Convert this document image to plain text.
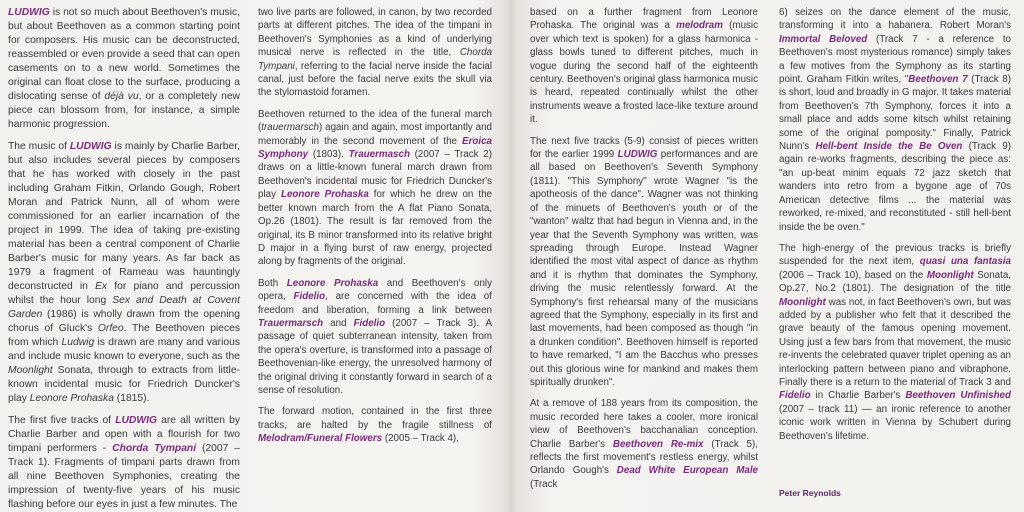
LUDWIG is not so much about Beethoven's music, but about Beethoven as a common starting point for composers. His music can be deconstructed, reassembled or even provide a seed that can open casements on to a new world. Sometimes the original can float close to the surface, producing a dislocating sense of déjà vu, or a completely new piece can blossom from, for instance, a simple harmonic progression.

The music of LUDWIG is mainly by Charlie Barber, but also includes several pieces by composers that he has worked with closely in the past including Graham Fitkin, Orlando Gough, Robert Moran and Patrick Nunn, all of whom were commissioned for an earlier incarnation of the project in 1999. The idea of taking pre-existing material has been a central component of Charlie Barber's music for many years. As far back as 1979 a fragment of Rameau was hauntingly deconstructed in Ex for piano and percussion whilst the hour long Sex and Death at Covent Garden (1986) is wholly drawn from the opening chorus of Gluck's Orfeo. The Beethoven pieces from which Ludwig is drawn are many and various and include music known to everyone, such as the Moonlight Sonata, through to extracts from little-known incidental music for Friedrich Duncker's play Leonore Prohaska (1815).

The first five tracks of LUDWIG are all written by Charlie Barber and open with a flourish for two timpani performers - Chorda Tympani (2007 – Track 1). Fragments of timpani parts drawn from all nine Beethoven Symphonies, creating the impression of twenty-five years of his music flashing before our eyes in just a few minutes. The

two live parts are followed, in canon, by two recorded parts at different pitches. The idea of the timpani in Beethoven's Symphonies as a kind of underlying musical nerve is reflected in the title, Chorda Tympani, referring to the facial nerve inside the facial canal, just before the facial nerve exits the skull via the stylomastoid foramen.

Beethoven returned to the idea of the funeral march (trauermarsch) again and again, most importantly and memorably in the second movement of the Eroica Symphony (1803). Trauermasch (2007 – Track 2) draws on a little-known funeral march drawn from Beethoven's incidental music for Friedrich Duncker's play Leonore Prohaska for which he drew on the better known march from the A flat Piano Sonata, Op.26 (1801). The result is far removed from the original, its B minor transformed into its relative bright D major in a flying burst of raw energy, projected along by fragments of the original.

Both Leonore Prohaska and Beethoven's only opera, Fidelio, are concerned with the idea of freedom and liberation, forming a link between Trauermarsch and Fidelio (2007 – Track 3). A passage of quiet subterranean intensity, taken from the opera's overture, is transformed into a passage of Beethovenian-like energy, the unresolved harmony of the original driving it constantly forward in search of a sense of resolution.

The forward motion, contained in the first three tracks, are halted by the fragile stillness of Melodram/Funeral Flowers (2005 – Track 4),

based on a further fragment from Leonore Prohaska. The original was a melodram (music over which text is spoken) for a glass harmonica - glass bowls tuned to different pitches, much in vogue during the second half of the eighteenth century. Beethoven's original glass harmonica music is heard, repeated continually whilst the other instruments weave a frosted lace-like texture around it.

The next five tracks (5-9) consist of pieces written for the earlier 1999 LUDWIG performances and are all based on Beethoven's Seventh Symphony (1811). "This Symphony" wrote Wagner "is the apotheosis of the dance". Wagner was not thinking of the minuets of Beethoven's youth or of the "wanton" waltz that had begun in Vienna and, in the year that the Seventh Symphony was written, was spreading through Europe. Instead Wagner identified the most vital aspect of dance as rhythm and it is rhythm that dominates the Symphony, driving the music relentlessly forward. At the Symphony's first rehearsal many of the musicians agreed that the Symphony, especially in its first and last movements, had been composed as though "in a drunken condition". Beethoven himself is reported to have remarked, "I am the Bacchus who presses out this glorious wine for mankind and makes them spiritually drunken".

At a remove of 188 years from its composition, the music recorded here takes a cooler, more ironical view of Beethoven's bacchanalian conception. Charlie Barber's Beethoven Re-mix (Track 5), reflects the first movement's restless energy, whilst Orlando Gough's Dead White European Male (Track

6) seizes on the dance element of the music, transforming it into a habanera. Robert Moran's Immortal Beloved (Track 7 - a reference to Beethoven's most mysterious romance) simply takes a few motives from the Symphony as its starting point. Graham Fitkin writes, "Beethoven 7 (Track 8) is short, loud and broadly in G major. It takes material from Beethoven's 7th Symphony, forces it into a small place and adds some kitsch whilst retaining some of the original pomposity." Finally, Patrick Nunn's Hell-bent Inside the Be Oven (Track 9) again re-works fragments, describing the piece as: "an up-beat minim equals 72 jazz sketch that wanders into retro from a bygone age of 70s American detective films ... the material was reworked, re-mixed, and reconstituted - still hell-bent inside the be oven."

The high-energy of the previous tracks is briefly suspended for the next item, quasi una fantasia (2006 – Track 10), based on the Moonlight Sonata, Op.27, No.2 (1801). The designation of the title Moonlight was not, in fact Beethoven's own, but was added by a publisher who felt that it described the grave beauty of the famous opening movement. Using just a few bars from that movement, the music re-invents the celebrated quaver triplet opening as an interlocking pattern between piano and vibraphone. Finally there is a return to the material of Track 3 and Fidelio in Charlie Barber's Beethoven Unfinished (2007 – track 11) — an ironic reference to another iconic work written in Vienna by Schubert during Beethoven's lifetime.

Peter Reynolds
